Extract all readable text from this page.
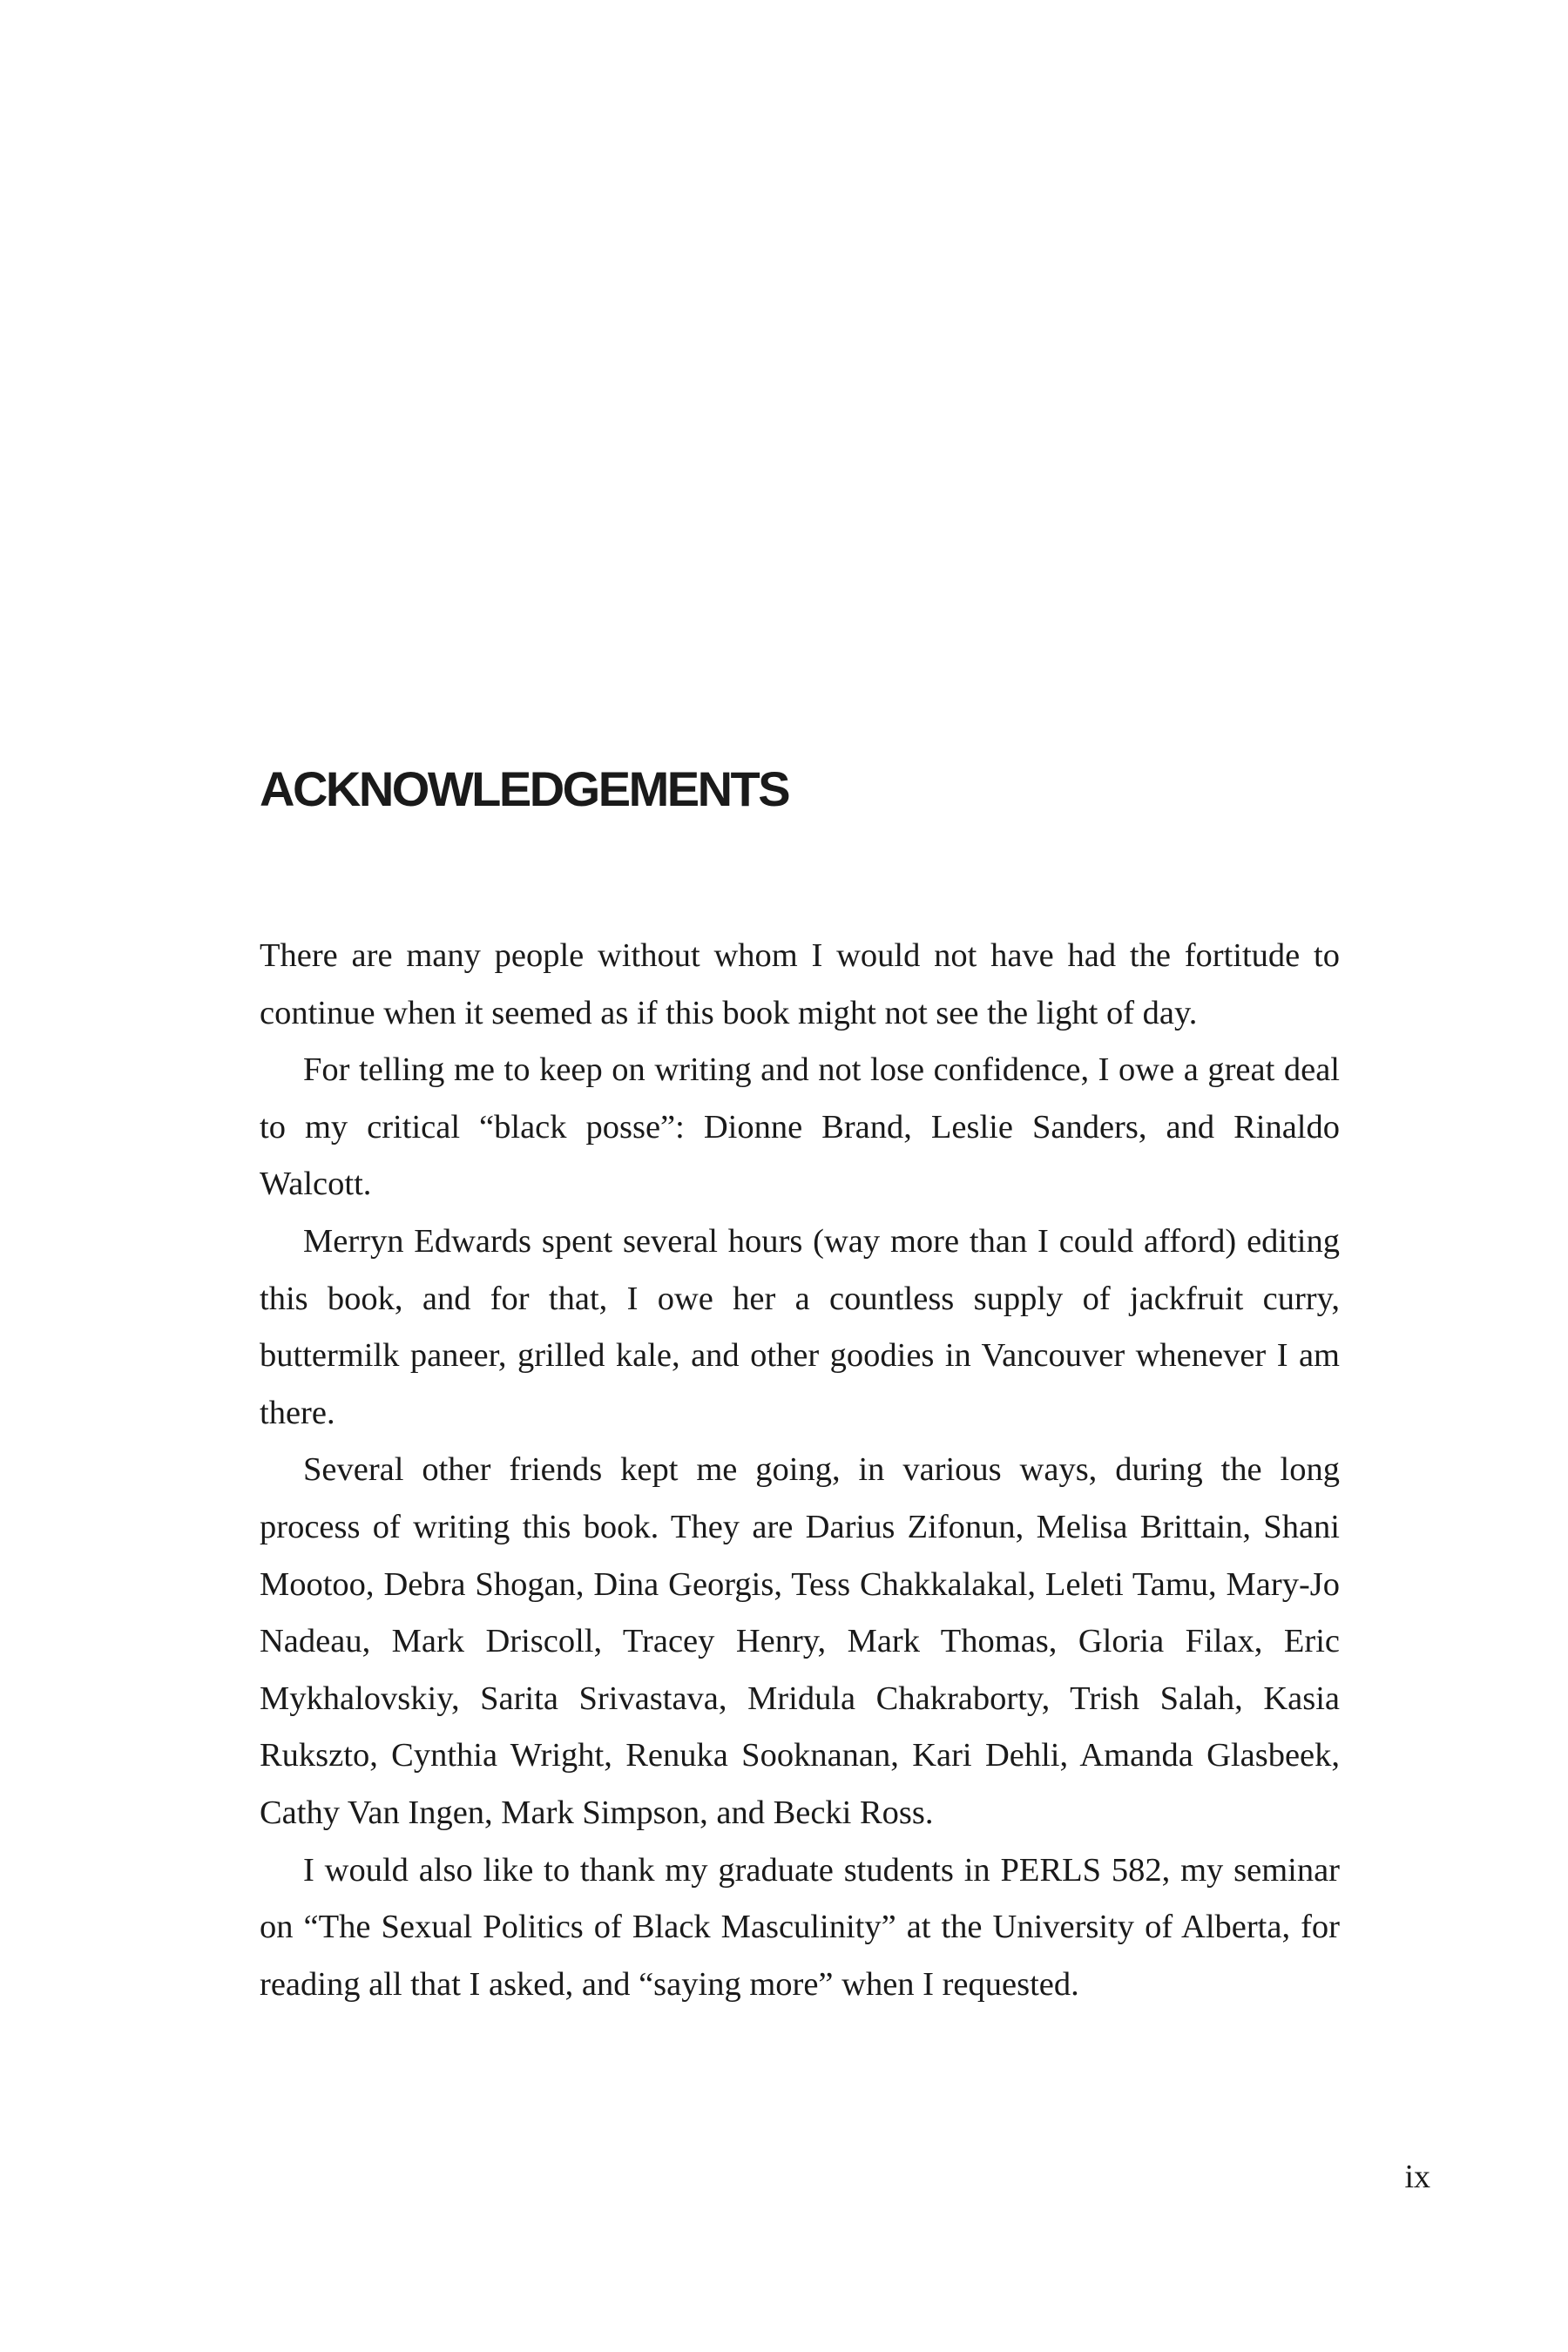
ACKNOWLEDGEMENTS

There are many people without whom I would not have had the fortitude to continue when it seemed as if this book might not see the light of day.

For telling me to keep on writing and not lose confidence, I owe a great deal to my critical “black posse”: Dionne Brand, Leslie Sanders, and Rinaldo Walcott.

Merryn Edwards spent several hours (way more than I could afford) editing this book, and for that, I owe her a countless supply of jackfruit curry, buttermilk paneer, grilled kale, and other goodies in Vancouver whenever I am there.

Several other friends kept me going, in various ways, during the long process of writing this book. They are Darius Zifonun, Melisa Brittain, Shani Mootoo, Debra Shogan, Dina Georgis, Tess Chakkalakal, Leleti Tamu, Mary-Jo Nadeau, Mark Driscoll, Tracey Henry, Mark Thomas, Gloria Filax, Eric Mykhalovskiy, Sarita Srivastava, Mridula Chakraborty, Trish Salah, Kasia Rukszto, Cynthia Wright, Renuka Sooknanan, Kari Dehli, Amanda Glasbeek, Cathy Van Ingen, Mark Simpson, and Becki Ross.

I would also like to thank my graduate students in PERLS 582, my seminar on “The Sexual Politics of Black Masculinity” at the University of Alberta, for reading all that I asked, and “saying more” when I requested.

ix
